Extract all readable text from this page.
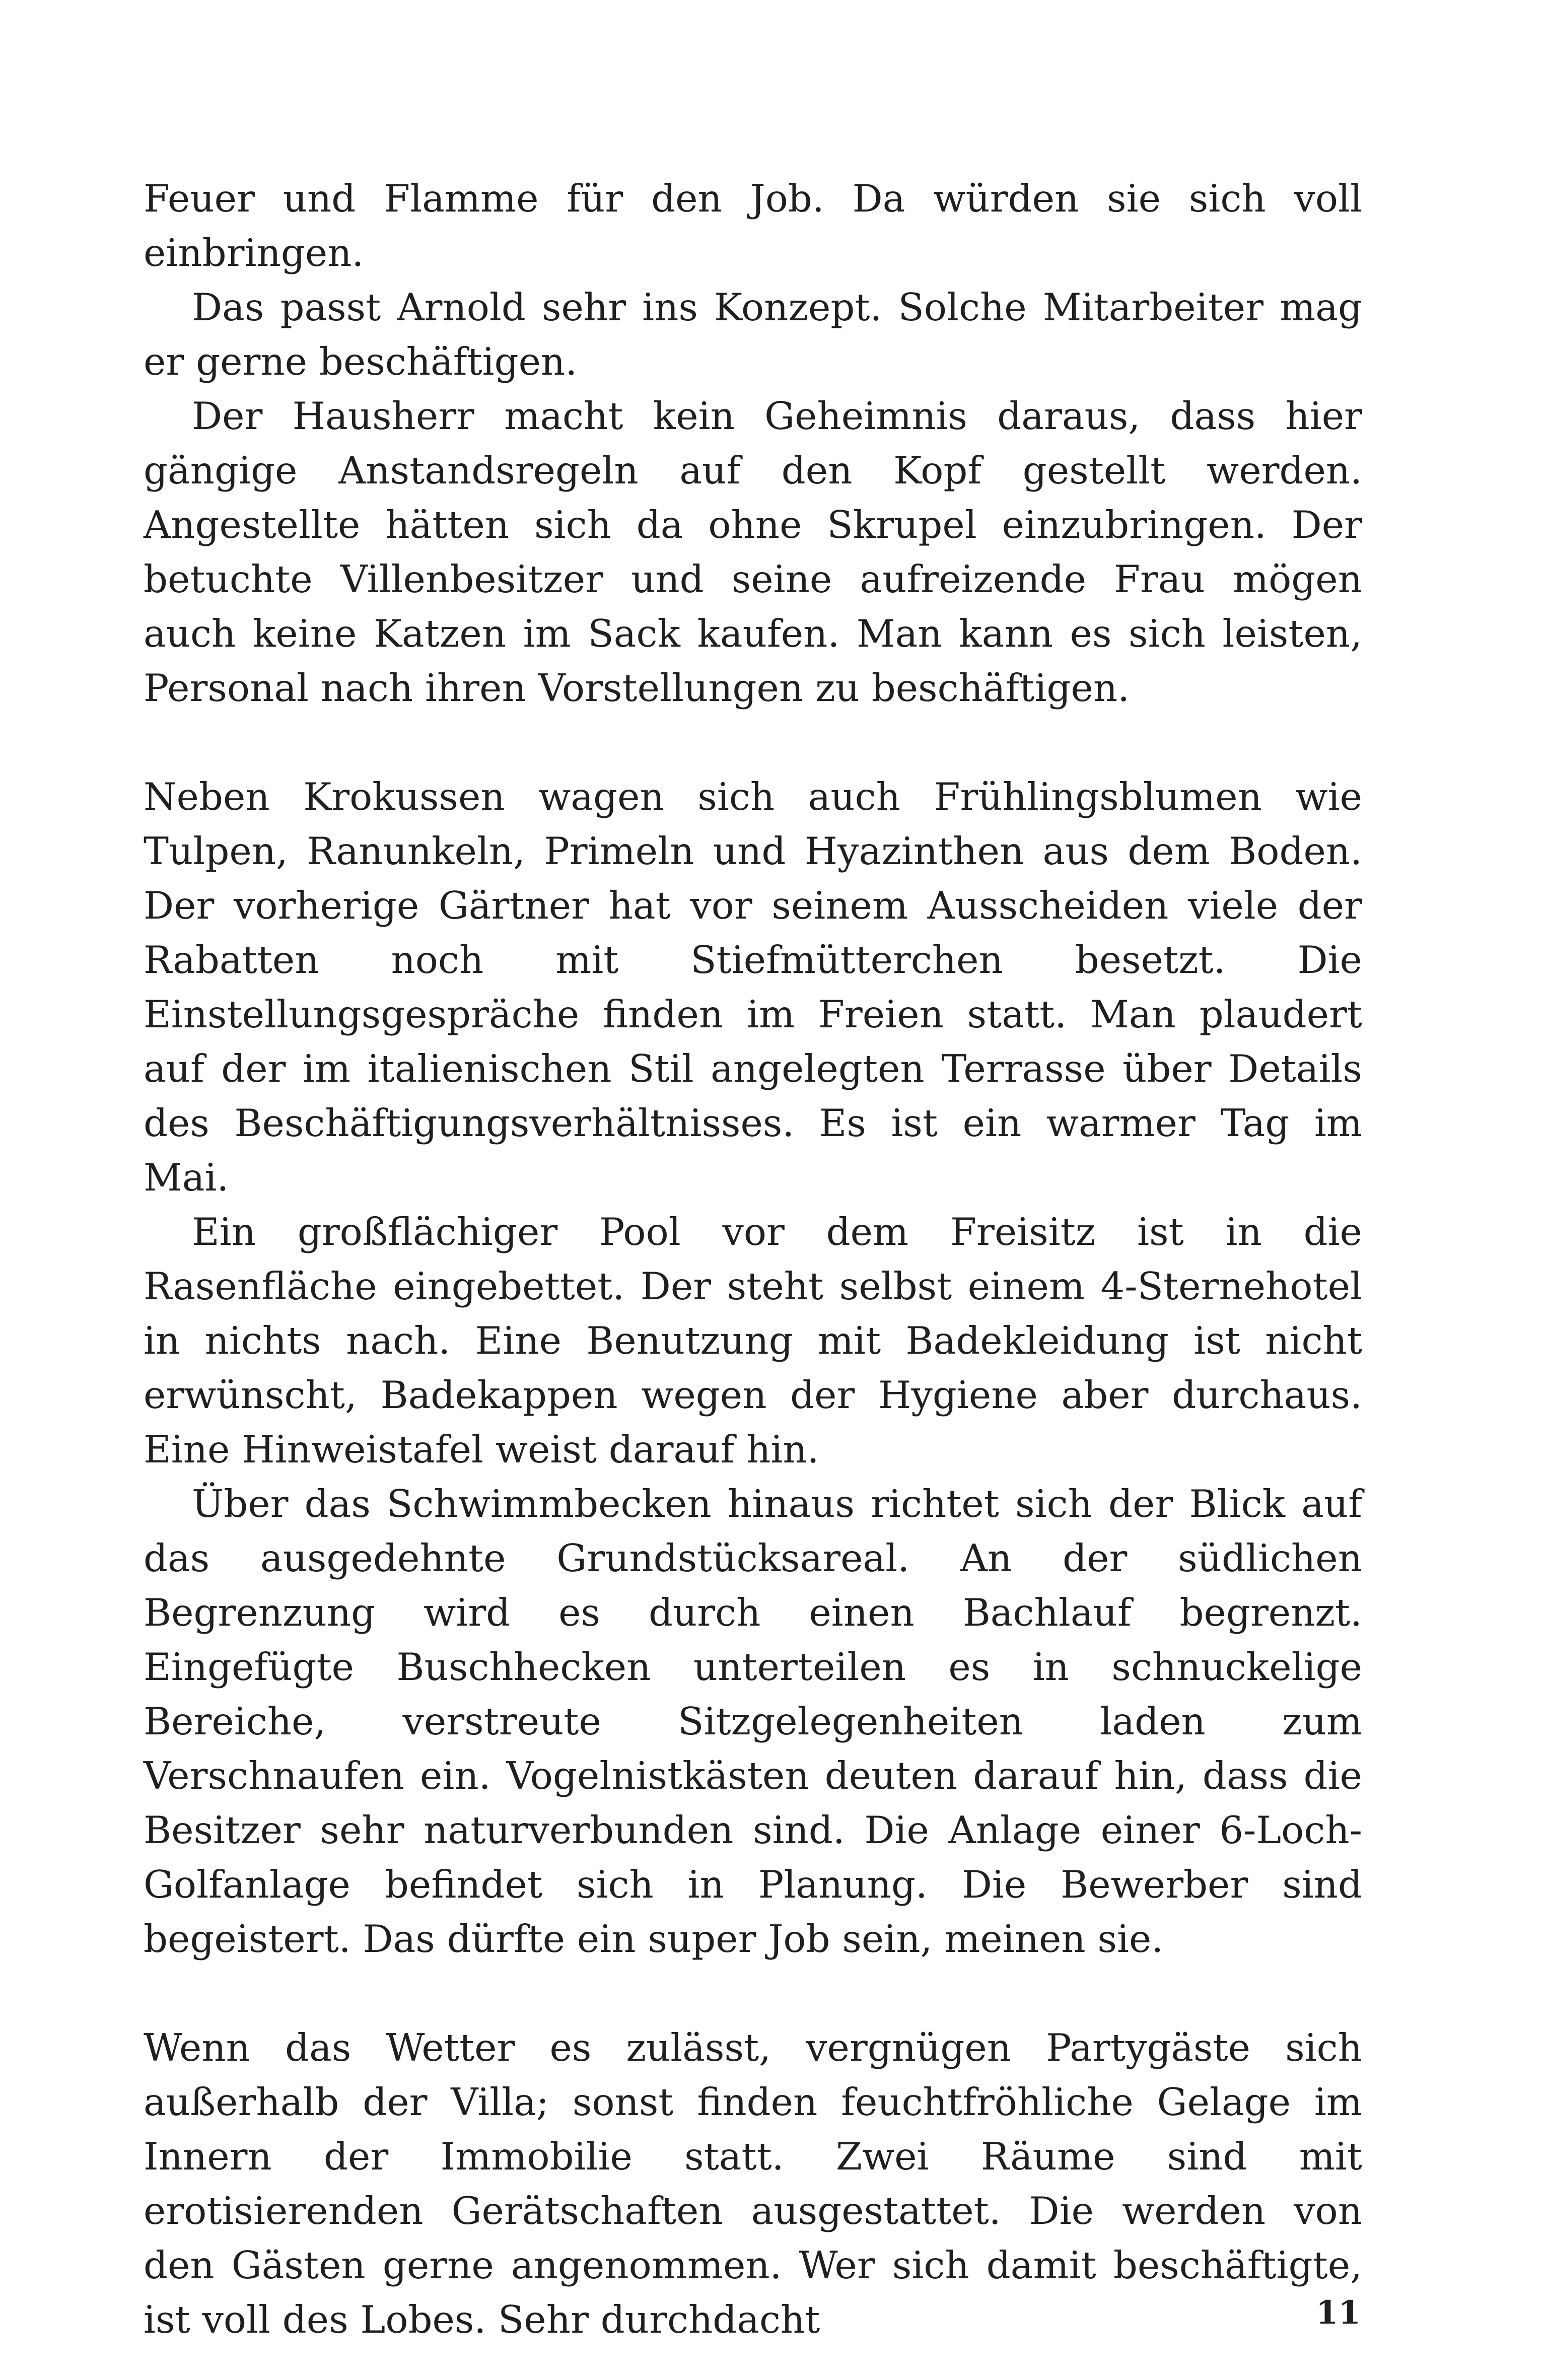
Feuer und Flamme für den Job. Da würden sie sich voll einbringen.

Das passt Arnold sehr ins Konzept. Solche Mitarbeiter mag er gerne beschäftigen.

Der Hausherr macht kein Geheimnis daraus, dass hier gängige Anstandsregeln auf den Kopf gestellt werden. Angestellte hätten sich da ohne Skrupel einzubringen. Der betuchte Villenbesitzer und seine aufreizende Frau mögen auch keine Katzen im Sack kaufen. Man kann es sich leisten, Personal nach ihren Vorstellungen zu beschäftigen.

Neben Krokussen wagen sich auch Frühlingsblumen wie Tulpen, Ranunkeln, Primeln und Hyazinthen aus dem Boden. Der vorherige Gärtner hat vor seinem Ausscheiden viele der Rabatten noch mit Stiefmütterchen besetzt. Die Einstellungsgespräche finden im Freien statt. Man plaudert auf der im italienischen Stil angelegten Terrasse über Details des Beschäftigungsverhältnisses. Es ist ein warmer Tag im Mai.

Ein großflächiger Pool vor dem Freisitz ist in die Rasenfläche eingebettet. Der steht selbst einem 4-Sternehotel in nichts nach. Eine Benutzung mit Badekleidung ist nicht erwünscht, Badekappen wegen der Hygiene aber durchaus. Eine Hinweistafel weist darauf hin.

Über das Schwimmbecken hinaus richtet sich der Blick auf das ausgedehnte Grundstücksareal. An der südlichen Begrenzung wird es durch einen Bachlauf begrenzt. Eingefügte Buschhecken unterteilen es in schnuckelige Bereiche, verstreute Sitzgelegenheiten laden zum Verschnaufen ein. Vogelnistkästen deuten darauf hin, dass die Besitzer sehr naturverbunden sind. Die Anlage einer 6-Loch-Golfanlage befindet sich in Planung. Die Bewerber sind begeistert. Das dürfte ein super Job sein, meinen sie.

Wenn das Wetter es zulässt, vergnügen Partygäste sich außerhalb der Villa; sonst finden feuchtfröhliche Gelage im Innern der Immobilie statt. Zwei Räume sind mit erotisierenden Gerätschaften ausgestattet. Die werden von den Gästen gerne angenommen. Wer sich damit beschäftigte, ist voll des Lobes. Sehr durchdacht	11
